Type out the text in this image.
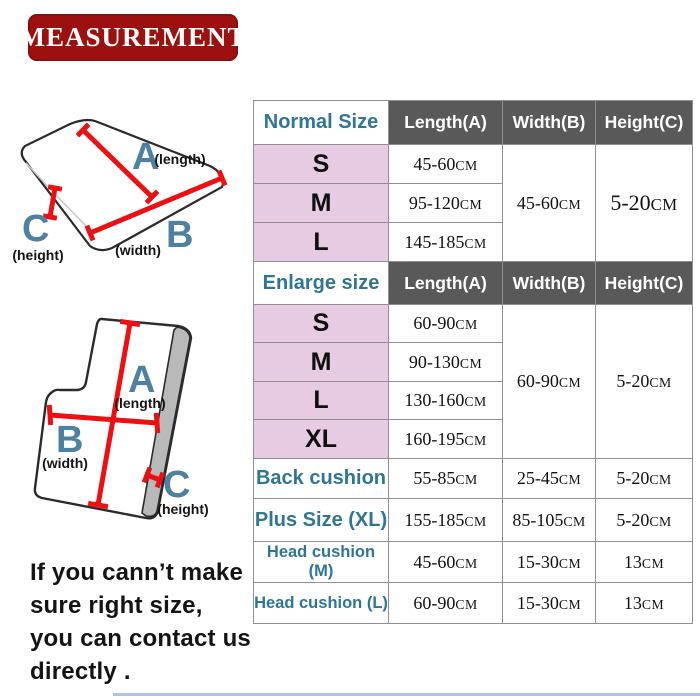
MEASUREMENT
A
(length)
B
(width)
C
(height)
A
(length)
B
(width)
C
(height)
Normal Size	Length(A)	Width(B)	Height(C)
S	45-60CM	45-60CM	5-20CM
M	95-120CM		
L	145-185CM		
Enlarge size	Length(A)	Width(B)	Height(C)
S	60-90CM	60-90CM	5-20CM
M	90-130CM		
L	130-160CM		
XL	160-195CM		
Back cushion	55-85CM	25-45CM	5-20CM
Plus Size (XL)	155-185CM	85-105CM	5-20CM
Head cushion (M)	45-60CM	15-30CM	13CM
Head cushion (L)	60-90CM	15-30CM	13CM
If you cann’t make
sure right size,
you can contact us
directly .
